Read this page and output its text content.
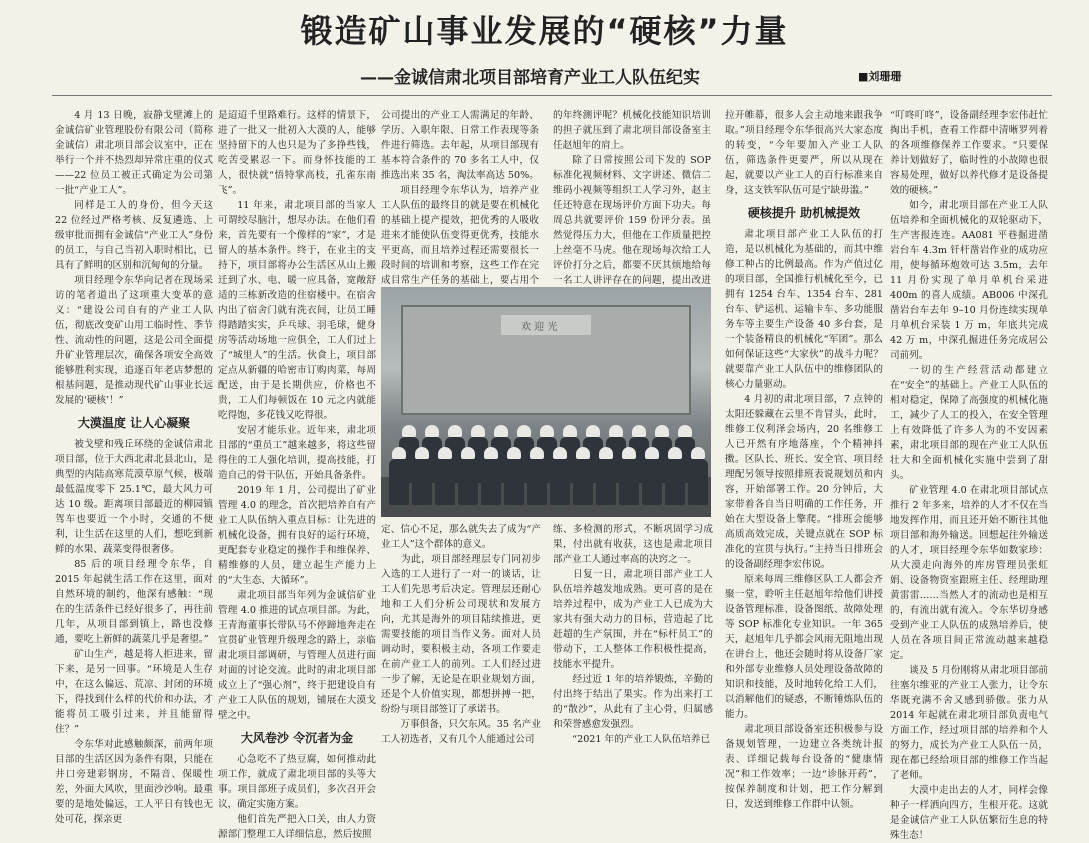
锻造矿山事业发展的“硬核”力量
——金诚信肃北项目部培育产业工人队伍纪实	■刘珊珊

4 月 13 日晚，寂静戈壁滩上的金诚信矿业管理股份有限公司（简称金诚信）肃北项目部会议室中，正在举行一个并不热烈却异常庄重的仪式——22 位员工被正式确定为公司第一批“产业工人”。

同样是工人的身份，但今天这 22 位经过严格考核、反复遴选、上级审批而拥有金诚信“产业工人”身份的员工，与自己当初入职时相比，已具有了鲜明的区别和沉甸甸的分量。

项目经理令东华向记者在现场采访的笔者道出了这项重大变革的意义：“建设公司自有的产业工人队伍，彻底改变矿山用工临时性、季节性、流动性的问题，这是公司全面提升矿业管理层次，确保各项安全高效能够胜利实现，追逐百年老店梦想的根基问题，是推动现代矿山事业长远发展的‘硬核’！”

大漠温度 让人心凝聚

被戈壁和残丘环绕的金诚信肃北项目部，位于大西北肃北县北山，是典型的内陆高寒荒漠草原气候，极端最低温度零下 25.1℃，最大风力可达 10 级。距离项目部最近的柳园镇驾车也要近一个小时，交通的不便利，让生活在这里的人们，想吃到新鲜的水果、蔬菜变得很奢侈。

85 后的项目经理令东华，自 2015 年起就生活工作在这里，面对自然环境的制约，他深有感触：“现在的生活条件已经好很多了，再往前几年，从项目部到镇上，路也没修通，要吃上新鲜的蔬菜几乎是奢望。”

矿山生产，越是将人拒进来，留下来，是另一回事。“环境是人生存中，在这么偏远、荒凉、封闭的环境下，得找到什么样的代价和办法，才能将员工吸引过来，并且能留得住？”

令东华对此感触颇深，前两年项目部的生活区因为条件有限，只能在井口旁建彩钢房，不隔音、保暖性差，外面大风吹，里面沙沙响。最重要的是地处偏远，工人平日有钱也无处可花，探亲更

是迢迢千里路难行。这样的情景下，进了一批又一批初入大漠的人，能够坚持留下的人也只是为了多挣些钱，吃苦受累忍一下。而身怀技能的工人，很快就“悟特掌高枝，孔雀东南飞”。

11 年来，肃北项目部的当家人可谓绞尽脑汁，想尽办法。在他们看来，首先要有一个像样的“家”，才是留人的基本条件。终于，在业主的支持下，项目部将办公生活区从山上搬迁到了水、电、暖一应具备，宽敞舒适的三栋新改造的住宿楼中。在宿舍内出了宿舍门就有洗衣间，让员工睡得踏踏实实，乒乓球、羽毛球，健身房等活动场地一应俱全，工人们过上了“城里人”的生活。伙食上，项目部定点从新疆的哈密市订购肉菜，每周配送，由于是长期供应，价格也不贵，工人们每顿饭在 10 元之内就能吃得饱，多花钱又吃得很。

安居才能乐业。近年来，肃北项目部的“重员工”越来越多，将这些留得住的工人强化培训，提高技能，打造自己的骨干队伍，开始具备条件。

2019 年 1 月，公司提出了矿业管理 4.0 的理念，首次把培养自有产业工人队伍纳入重点目标：让先进的机械化设备，拥有良好的运行环境，更配套专业稳定的操作手和维保养、精维修的人员，建立起生产能力上的“大生态、大循环”。

肃北项目部当年列为金诚信矿业管理 4.0 推进的试点项目部。为此，王青海董事长带队马不停蹄地奔走在宣贯矿业管理升级理念的路上，亲临肃北项目部调研，与管理人员进行面对面的讨论交流。此时的肃北项目部成立上了“强心剂”，终于把建设自有产业工人队伍的规划，铺展在大漠戈壁之中。

大风卷沙 令沉者为金

心急吃不了热豆腐，如何推动此项工作，就成了肃北项目部的头等大事。项目部班子成员们，多次召开会议，确定实施方案。

他们首先严把入口关，由人力资源部门整理工人详细信息，然后按照

公司提出的产业工人需满足的年龄、学历、入职年限、日常工作表现等条件进行筛选。去年起，从项目部现有基本符合条件的 70 多名工人中，仅推选出来 35 名，淘汰率高达 50%。

项目经理令东华认为，培养产业工人队伍的最终目的就是要在机械化的基础上提产提效，把优秀的人吸收进来才能使队伍变得更优秀，技能水平更高，而且培养过程还需要很长一段时间的培训和考察，这些工作在完成目常生产任务的基础上，要占用个

的年终测评呢？机械化技能知识培训的担子就压到了肃北项目部设备室主任赵旭年的肩上。

除了日常按照公司下发的 SOP 标准化视频材料、文字讲述、微信二维码小视频等组织工人学习外，赵主任还特意在现场评价方面下功夫。每周总共就要评价 159 份评分表。虽然觉得压力大，但他在工作质量把控上丝毫不马虎。他在现场每次给工人评价打分之后，都要不厌其烦地给每一名工人讲评存在的问题，提出改进

拉开帷幕，很多人会主动地来跟我争取。”项目经理令东华很高兴大家态度的转变，“今年要加入产业工人队伍，筛选条件更要严，所以从现在起，就要以产业工人的百行标准来自身，这支铁军队伍可是宁缺毋滥。”

硬核提升 助机械提效

肃北项目部产业工人队伍的打造，是以机械化为基础的，而其中维修工种占的比例最高。作为产值过亿的项目部，全国推行机械化至今，已拥有 1254 台车、1354 台车、281 台车、铲运机、运输卡车、多功能服务车等主要生产设备 40 多台套，是一个装备精良的机械化“军团”。那么如何保证这些“大家伙”的战斗力呢？就要靠产业工人队伍中的维修团队的核心力量驱动。

4 月初的肃北项目部，7 点钟的太阳还躲藏在云里不肯冒头，此时，维修工仪利泽会场内，20 名维修工人已开然有序地落座，个个精神抖擞。区队长、班长、安全官、项目经理配另领导按照排班表说规划员和内容，开始部署工作。20 分钟后，大家带着各自当日明确的工作任务，开始在大型设备上擎爬。“排班会能够高质高效完成，关键点就在 SOP 标准化的宣贯与执行。”主持当日排班会的设备副经理李宏伟说。

原来每周三维修区队工人都会齐聚一堂，聆听主任赵旭年给他们讲授设备管理标准、设备图纸、故障处理等 SOP 标准化专业知识。一年 365 天，赵旭年几乎都会风雨无阻地出现在讲台上，他还会随时将从设备厂家和外部专业维修人员处理设备故障的知识和技能，及时地转化给工人们，以消解他们的疑惑，不断锤炼队伍的能力。

肃北项目部设备室还积极参与设备规划管理，一边建立各类统计报表、详细记载每台设备的“健康情况”和工作效率；一边“诊脉开药”，按保养制度和计划，把工作分解到日，发送到维修工作群中认领。

“叮咚叮咚”，设备副经理李宏伟赶忙掏出手机，查看工作群中清晰罗列着的各项维修保养工作要求。“只要保养计划做好了，临时性的小故障也很容易处理，做好以养代修才是设备提效的硬核。”

如今，肃北项目部在产业工人队伍培养和全面机械化的双轮驱动下，生产害报连连。AA081 平巷掘进凿岩台车 4.3m 钎杆凿岩作业的成功应用，使每循环炮效可达 3.5m，去年 11 月份实现了单月单机台采进 400m 的喜人成绩。AB006 中深孔凿岩台车去年 9–10 月份连续实现单月单机台采装 1 万 m，年底共完成 42 万 m，中深孔掘进任务完成居公司前列。

一切的生产经营活动都建立在“安全”的基础上。产业工人队伍的相对稳定，保障了高强度的机械化施工，减少了人工的投入，在安全管理上有效降低了许多人为的不安因素素，肃北项目部的现在产业工人队伍壮大和全面机械化实施中尝到了甜头。

矿业管理 4.0 在肃北项目部试点推行 2 年多来，培养的人才不仅在当地发挥作用，而且还开始不断往其他项目部和海外输送。回想起往外输送的人才，项目经理令东华如数家珍：从大漠走向海外的库房管理员张虹娟、设备物资室跟班主任、经理助理黄雷雷……当然人才的流动也是相互的，有流出就有流入。令东华切身感受到产业工人队伍的成熟培养后，使人员在各项目间正常流动越来越稳定。

谈及 5 月份刚将从肃北项目部前往塞尔维亚的产业工人张力，让令东华既充满不舍又感到骄傲。张力从 2014 年起就在肃北项目部负责电气方面工作，经过项目部的培养和个人的努力，成长为产业工人队伍一员，现在都已经给项目部的维修工作当起了老师。

大漠中走出去的人才，同样会像种子一样洒向四方，生根开花。这就是金诚信产业工人队伍繁衍生息的特殊生态！

欢 迎 光
定、信心不足，那么就失去了成为“产业工人”这个群体的意义。
　　为此，项目部经理层专门同初步入选的工人进行了一对一的谈话，让工人们先思考后决定。管理层还耐心地和工人们分析公司现状和发展方向，尤其是海外的项目陆续推进，更需要技能的项目当作义务。面对人员调动时，要积极主动，各项工作要走在前产业工人的前列。工人们经过进一步了解，无论是在职业规划方面，还是个人价值实现，都想拼搏一把，纷纷与项目部签订了承诺书。
　　万事俱备，只欠东风。35 名产业工人初选者，又有几个人能通过公司
练、多检测的形式，不断巩固学习成果，付出就有收获，这也是肃北项目部产业工人通过率高的决窍之一。
　　日复一日，肃北项目部产业工人队伍培养越发地成熟。更可喜的是在培养过程中，成为产业工人已成为大家共有强大动力的目标，营造起了比赶超的生产氛围，并在“标杆员工”的带动下，工人整体工作积极性提高，技能水平提升。
　　经过近 1 年的培养锻炼，辛勤的付出终于结出了果实。作为出来打工的“散沙”，从此有了主心骨，归属感和荣誉感愈发强烈。
　　“2021 年的产业工人队伍培养已
